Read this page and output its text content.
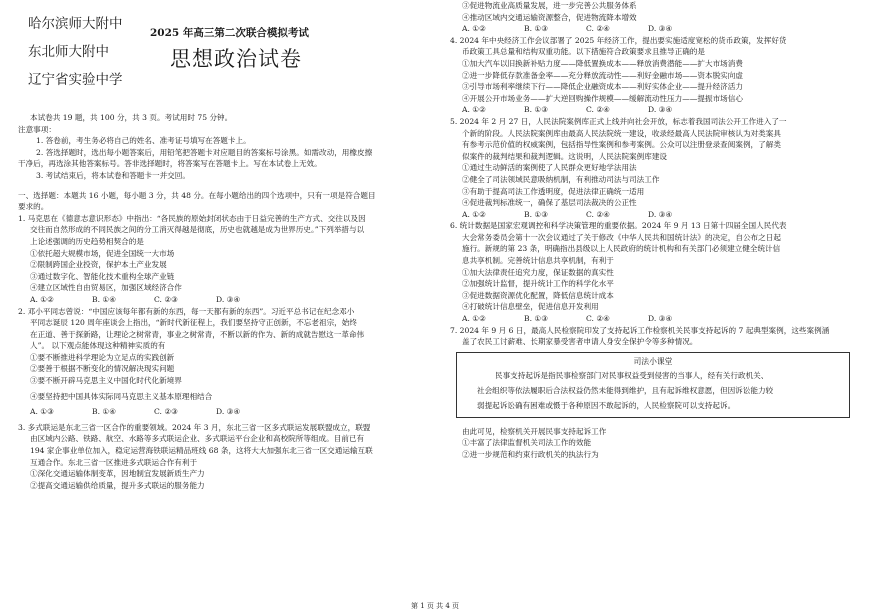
哈尔滨师大附中
东北师大附中
辽宁省实验中学
2025 年高三第二次联合模拟考试
思想政治试卷
本试卷共 19 题，共 100 分，共 3 页。考试用时 75 分钟。
注意事项：
1. 答卷前，考生务必将自己的姓名、准考证号填写在答题卡上。
2. 答选择题时，选出每小题答案后，用铅笔把答题卡对应题目的答案标号涂黑。如需改动，用橡皮擦
干净后，再选涂其他答案标号。答非选择题时，将答案写在答题卡上。写在本试卷上无效。
3. 考试结束后，将本试卷和答题卡一并交回。
一、选择题：本题共 16 小题，每小题 3 分，共 48 分。在每小题给出的四个选项中，只有一项是符合题目
要求的。
1. 马克思在《德意志意识形态》中指出：“各民族的原始封闭状态由于日益完善的生产方式、交往以及因
交往而自然形成的不同民族之间的分工消灭得越是彻底，历史也就越是成为世界历史。”下列举措与以
上论述强调的历史趋势相契合的是
①依托超大规模市场，促进全国统一大市场
②限制跨国企业投资，保护本土产业发展
③通过数字化、智能化技术重构全球产业链
④建立区域性自由贸易区，加强区域经济合作
A. ①②	B. ①④	C. ②③	D. ③④
2. 邓小平同志曾说：“中国应该每年都有新的东西，每一天都有新的东西”。习近平总书记在纪念邓小
平同志诞辰 120 周年座谈会上指出，“新时代新征程上，我们要坚持守正创新，不忘老祖宗，始终
在正道、善于探新路，让理论之树常青，事业之树常青，不断以新的作为、新的成就告慰这一革命伟
人”。 以下观点能体现这种精神实质的有
①要不断推进科学理论为立足点的实践创新
②要善于根据不断变化的情况解决现实问题
③要不断开辟马克思主义中国化时代化新境界
④要坚持把中国具体实际同马克思主义基本原理相结合
A. ①③	B. ①④	C. ②③	D. ③④
3. 多式联运是东北三省一区合作的重要领域。2024 年 3 月，东北三省一区多式联运发展联盟成立，联盟
由区域内公路、铁路、航空、水路等多式联运企业、多式联运平台企业和高校院所等组成。目前已有
194 家企事业单位加入，稳定运营海铁联运精品班线 68 条，这将大大加强东北三省一区交通运输互联
互通合作。东北三省一区推进多式联运合作有利于
①深化交通运输体制变革，因地制宜发展新质生产力
②提高交通运输供给质量，提升多式联运的服务能力
③促进物流业高质量发展，进一步完善公共服务体系
④推动区域内交通运输资源整合，促进物流降本增效
A. ①②	B. ①③	C. ②④	D. ③④
4. 2024 年中央经济工作会议部署了 2025 年经济工作，提出要实施适度宽松的货币政策，发挥好货
币政策工具总量和结构双重功能。以下措施符合政策要求且推导正确的是
①加大汽车以旧换新补贴力度——降低置换成本——释放消费潜能——扩大市场消费
②进一步降低存款准备金率——充分释放流动性——利好金融市场——资本脱实向虚
③引导市场利率继续下行——降低企业融资成本——利好实体企业——提升经济活力
④开展公开市场业务——扩大逆回购操作规模——缓解流动性压力——提振市场信心
A. ①②	B. ①③	C. ②④	D. ③④
5. 2024 年 2 月 27 日，人民法院案例库正式上线并向社会开放，标志着我国司法公开工作进入了一
个新的阶段。人民法院案例库由最高人民法院统一建设，收录经最高人民法院审核认为对类案具
有参考示范价值的权威案例，包括指导性案例和参考案例。公众可以注册登录查阅案例，了解类
似案件的裁判结果和裁判逻辑。这说明，人民法院案例库建设
①通过生动鲜活的案例使了人民群众更好地学法用法
②健全了司法领域民意吸纳机制，有利推动司法与司法工作
③有助于提高司法工作透明度，促进法律正确统一适用
④促进裁判标准统一，确保了基层司法裁决的公正性
A. ①②	B. ①③	C. ②④	D. ③④
6. 统计数据是国家宏观调控和科学决策管理的重要依据。2024 年 9 月 13 日第十四届全国人民代表
大会常务委员会第十一次会议通过了关于修改《中华人民共和国统计法》的决定，自公布之日起
施行。新规的第 23 条，明确指出县级以上人民政府的统计机构和有关部门必须建立健全统计信
息共享机制。完善统计信息共享机制，有利于
①加大法律责任追究力度，保证数据的真实性
②加强统计监督，提升统计工作的科学化水平
③促进数据资源优化配置，降低信息统计成本
④打破统计信息壁垒，促进信息开发利用
A. ①②	B. ①③	C. ②④	D. ③④
7. 2024 年 9 月 6 日，最高人民检察院印发了支持起诉工作检察机关民事支持起诉的 7 起典型案例，这些案例涵
盖了农民工讨薪难、长期家暴受害者申请人身安全保护令等多种情况。
司法小课堂
民事支持起诉是指民事检察部门对民事权益受到侵害的当事人，经有关行政机关、
社会组织等依法履职后合法权益仍然未能得到维护，且有起诉维权意愿，但因诉讼能力较
弱提起诉讼确有困难或慑于各种原因不敢起诉的，人民检察院可以支持起诉。
由此可见，检察机关开展民事支持起诉工作
①丰富了法律监督机关司法工作的效能
②进一步规范和约束行政机关的执法行为
第 1 页 共 4 页
